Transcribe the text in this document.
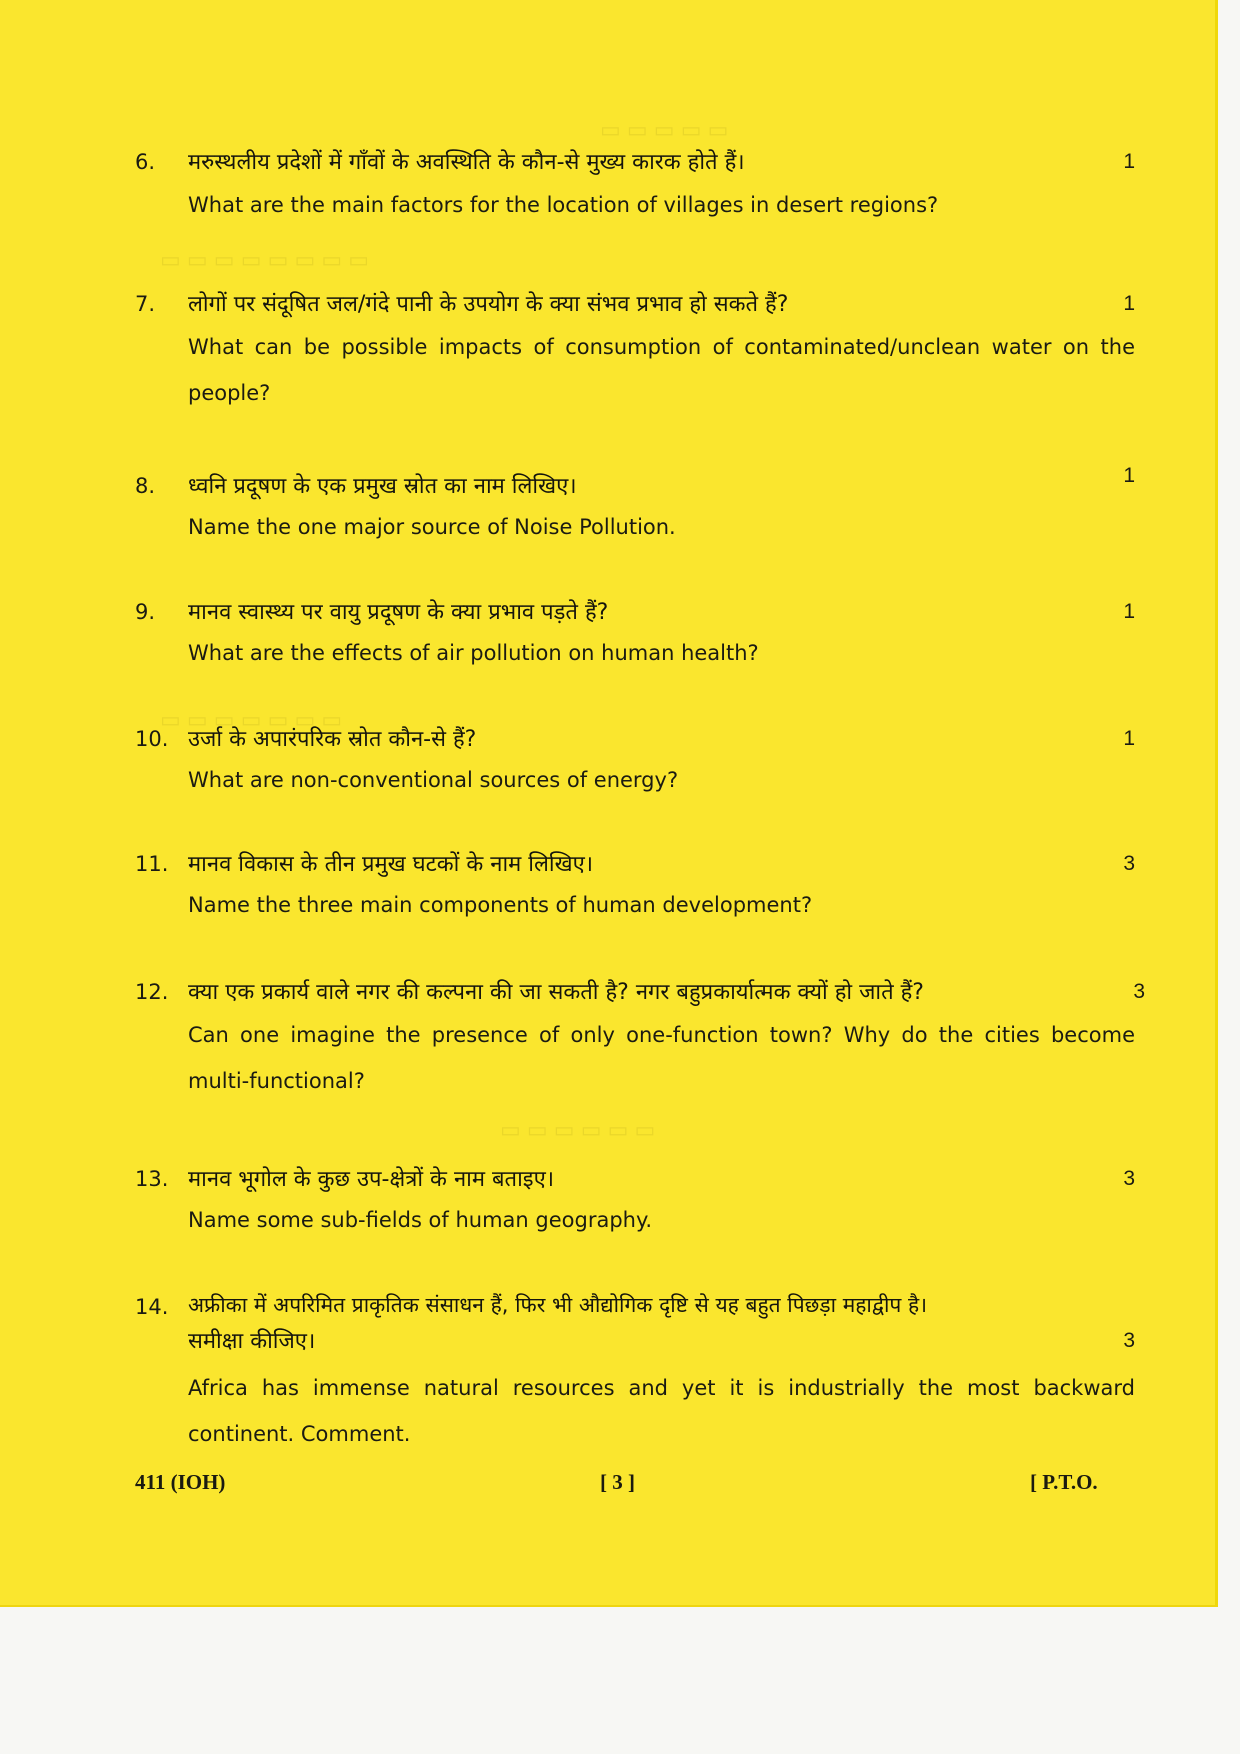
▭ ▭ ▭ ▭ ▭
▭ ▭ ▭ ▭ ▭ ▭ ▭ ▭
▭ ▭ ▭ ▭ ▭ ▭ ▭
▭ ▭ ▭ ▭ ▭ ▭
6. मरुस्थलीय प्रदेशों में गाँवों के अवस्थिति के कौन-से मुख्य कारक होते हैं।	1
What are the main factors for the location of villages in desert regions?
7. लोगों पर संदूषित जल/गंदे पानी के उपयोग के क्या संभव प्रभाव हो सकते हैं?	1
What can be possible impacts of consumption of contaminated/unclean water on the people?
8. ध्वनि प्रदूषण के एक प्रमुख स्रोत का नाम लिखिए।	1
Name the one major source of Noise Pollution.
9. मानव स्वास्थ्य पर वायु प्रदूषण के क्या प्रभाव पड़ते हैं?	1
What are the effects of air pollution on human health?
10. उर्जा के अपारंपरिक स्रोत कौन-से हैं?	1
What are non-conventional sources of energy?
11. मानव विकास के तीन प्रमुख घटकों के नाम लिखिए।	3
Name the three main components of human development?
12. क्या एक प्रकार्य वाले नगर की कल्पना की जा सकती है? नगर बहुप्रकार्यात्मक क्यों हो जाते हैं?	3
Can one imagine the presence of only one-function town? Why do the cities become multi-functional?
13. मानव भूगोल के कुछ उप-क्षेत्रों के नाम बताइए।	3
Name some sub-fields of human geography.
14. अफ्रीका में अपरिमित प्राकृतिक संसाधन हैं, फिर भी औद्योगिक दृष्टि से यह बहुत पिछड़ा महाद्वीप है।
समीक्षा कीजिए।	3
Africa has immense natural resources and yet it is industrially the most backward continent. Comment.
411 (IOH)	[ 3 ]	[ P.T.O.
